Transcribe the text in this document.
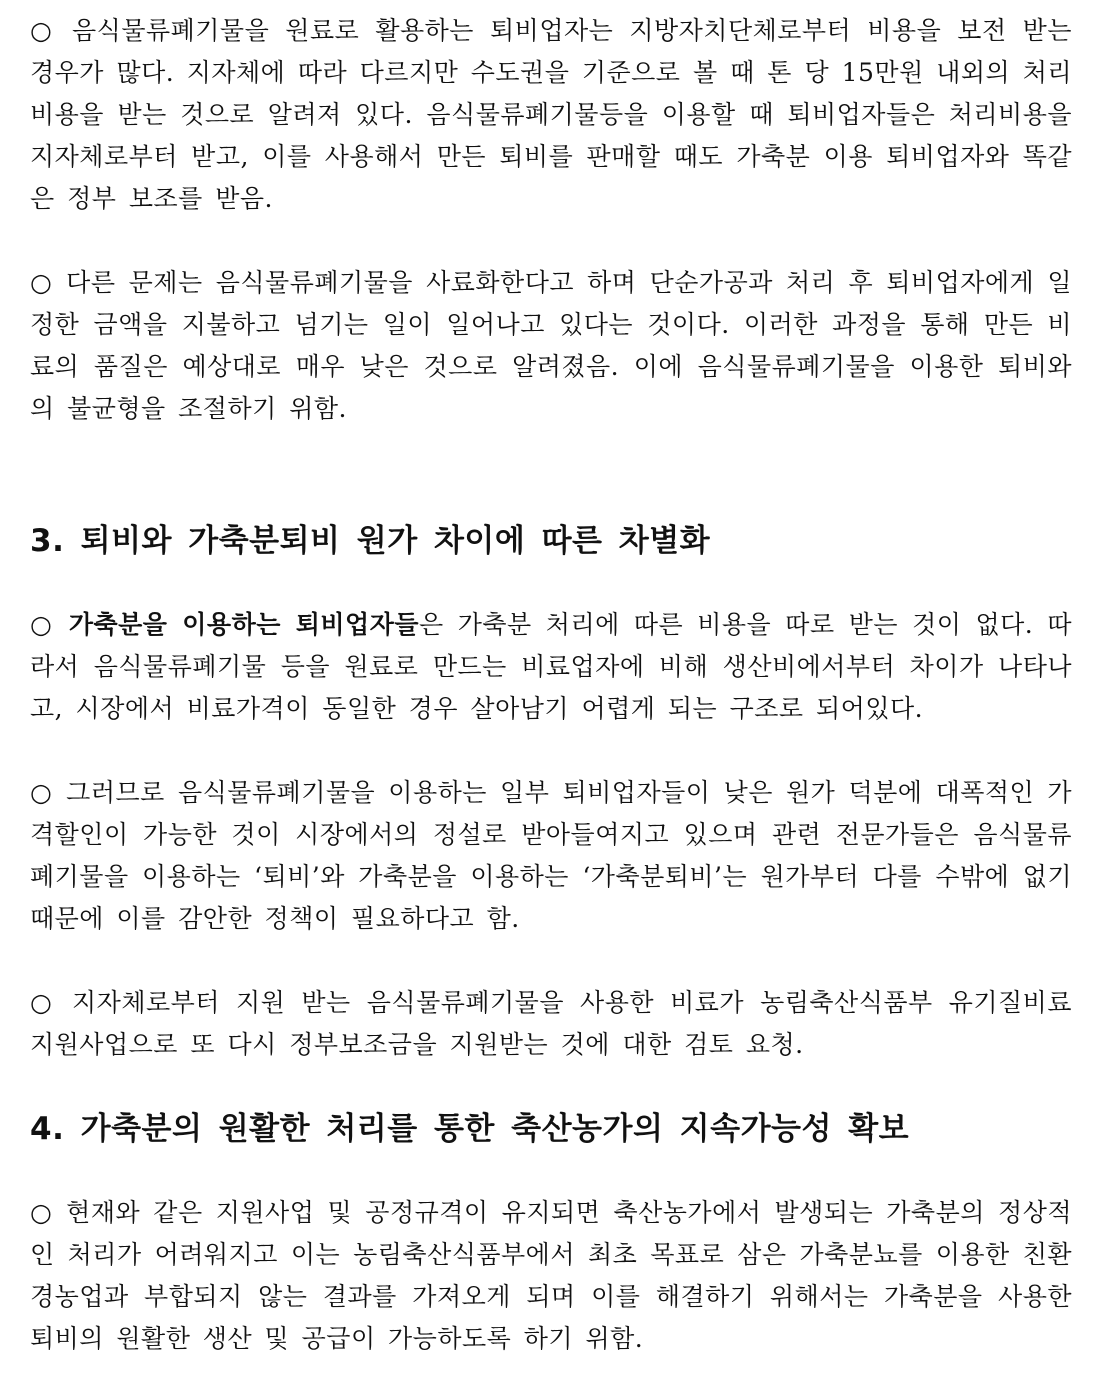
○ 음식물류폐기물을 원료로 활용하는 퇴비업자는 지방자치단체로부터 비용을 보전 받는 경우가 많다. 지자체에 따라 다르지만 수도권을 기준으로 볼 때 톤 당 15만원 내외의 처리비용을 받는 것으로 알려져 있다. 음식물류폐기물등을 이용할 때 퇴비업자들은 처리비용을 지자체로부터 받고, 이를 사용해서 만든 퇴비를 판매할 때도 가축분 이용 퇴비업자와 똑같은 정부 보조를 받음.

○ 다른 문제는 음식물류폐기물을 사료화한다고 하며 단순가공과 처리 후 퇴비업자에게 일정한 금액을 지불하고 넘기는 일이 일어나고 있다는 것이다. 이러한 과정을 통해 만든 비료의 품질은 예상대로 매우 낮은 것으로 알려졌음. 이에 음식물류폐기물을 이용한 퇴비와의 불균형을 조절하기 위함.

3. 퇴비와 가축분퇴비 원가 차이에 따른 차별화

○ 가축분을 이용하는 퇴비업자들은 가축분 처리에 따른 비용을 따로 받는 것이 없다. 따라서 음식물류폐기물 등을 원료로 만드는 비료업자에 비해 생산비에서부터 차이가 나타나고, 시장에서 비료가격이 동일한 경우 살아남기 어렵게 되는 구조로 되어있다.

○ 그러므로 음식물류폐기물을 이용하는 일부 퇴비업자들이 낮은 원가 덕분에 대폭적인 가격할인이 가능한 것이 시장에서의 정설로 받아들여지고 있으며 관련 전문가들은 음식물류폐기물을 이용하는 ‘퇴비’와 가축분을 이용하는 ‘가축분퇴비’는 원가부터 다를 수밖에 없기 때문에 이를 감안한 정책이 필요하다고 함.

○ 지자체로부터 지원 받는 음식물류폐기물을 사용한 비료가 농림축산식품부 유기질비료 지원사업으로 또 다시 정부보조금을 지원받는 것에 대한 검토 요청.

4. 가축분의 원활한 처리를 통한 축산농가의 지속가능성 확보

○ 현재와 같은 지원사업 및 공정규격이 유지되면 축산농가에서 발생되는 가축분의 정상적인 처리가 어려워지고 이는 농림축산식품부에서 최초 목표로 삼은 가축분뇨를 이용한 친환경농업과 부합되지 않는 결과를 가져오게 되며 이를 해결하기 위해서는 가축분을 사용한 퇴비의 원활한 생산 및 공급이 가능하도록 하기 위함.
